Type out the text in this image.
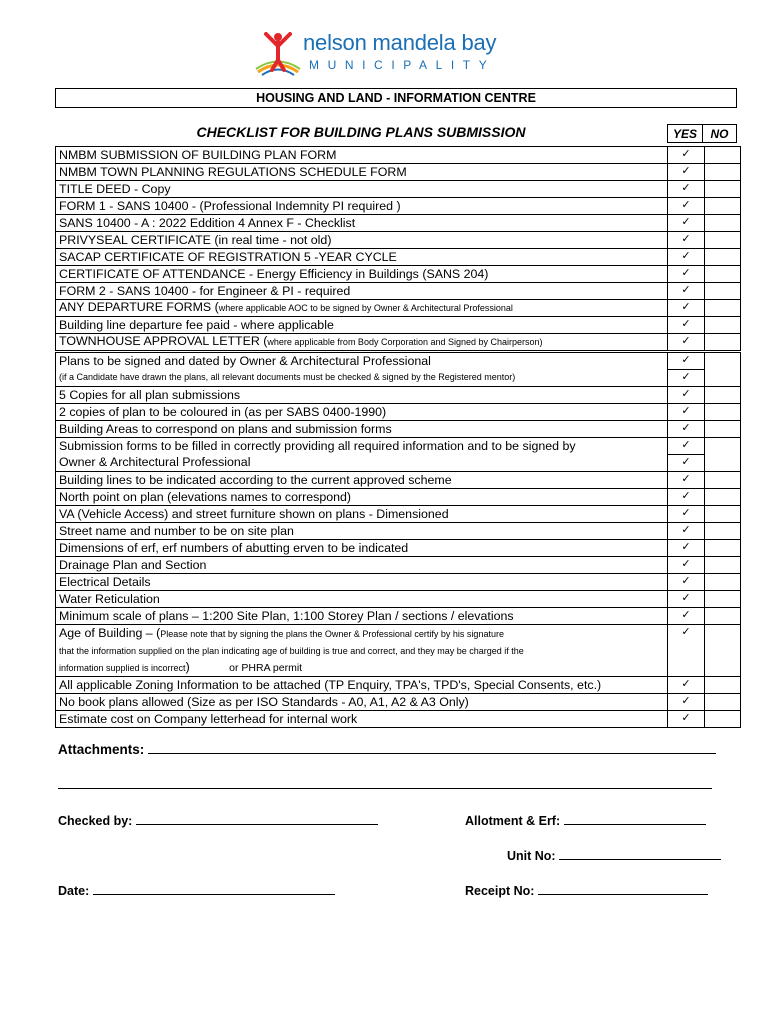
nelson mandela bay
MUNICIPALITY
HOUSING AND LAND - INFORMATION CENTRE
CHECKLIST FOR BUILDING PLANS SUBMISSION	YES	NO
NMBM SUBMISSION OF BUILDING PLAN FORM	✓	
NMBM TOWN PLANNING REGULATIONS SCHEDULE FORM	✓	
TITLE DEED - Copy	✓	
FORM 1 - SANS 10400 - (Professional Indemnity PI required )	✓	
SANS 10400 - A : 2022 Eddition 4 Annex F - Checklist	✓	
PRIVYSEAL CERTIFICATE (in real time - not old)	✓	
SACAP CERTIFICATE OF REGISTRATION 5 -YEAR CYCLE	✓	
CERTIFICATE OF ATTENDANCE - Energy Efficiency in Buildings (SANS 204)	✓	
FORM 2 - SANS 10400 - for Engineer & PI - required	✓	
ANY DEPARTURE FORMS (where applicable AOC to be signed by Owner & Architectural Professional	✓	
Building line departure fee paid - where applicable	✓	
TOWNHOUSE APPROVAL LETTER (where applicable from Body Corporation and Signed by Chairperson)	✓	
Plans to be signed and dated by Owner & Architectural Professional	✓	
(if a Candidate have drawn the plans, all relevant documents must be checked & signed by the Registered mentor)	✓	
5 Copies for all plan submissions	✓	
2 copies of plan to be coloured in (as per SABS 0400-1990)	✓	
Building Areas to correspond on plans and submission forms	✓	
Submission forms to be filled in correctly providing all required information and to be signed by	✓	
Owner & Architectural Professional	✓	
Building lines to be indicated according to the current approved scheme	✓	
North point on plan (elevations names to correspond)	✓	
VA (Vehicle Access) and street furniture shown on plans - Dimensioned	✓	
Street name and number to be on site plan	✓	
Dimensions of erf, erf numbers of abutting erven to be indicated	✓	
Drainage Plan and Section	✓	
Electrical Details	✓	
Water Reticulation	✓	
Minimum scale of plans – 1:200 Site Plan, 1:100 Storey Plan / sections / elevations	✓	
Age of Building – (Please note that by signing the plans the Owner & Professional certify by his signature
that the information supplied on the plan indicating age of building is true and correct, and they may be charged if the
information supplied is incorrect) or PHRA permit	✓	
All applicable Zoning Information to be attached (TP Enquiry, TPA's, TPD's, Special Consents, etc.)	✓	
No book plans allowed (Size as per ISO Standards - A0, A1, A2 & A3 Only)	✓	
Estimate cost on Company letterhead for internal work	✓	
Attachments:
Checked by:	Allotment & Erf:
Unit No:
Date:	Receipt No:
